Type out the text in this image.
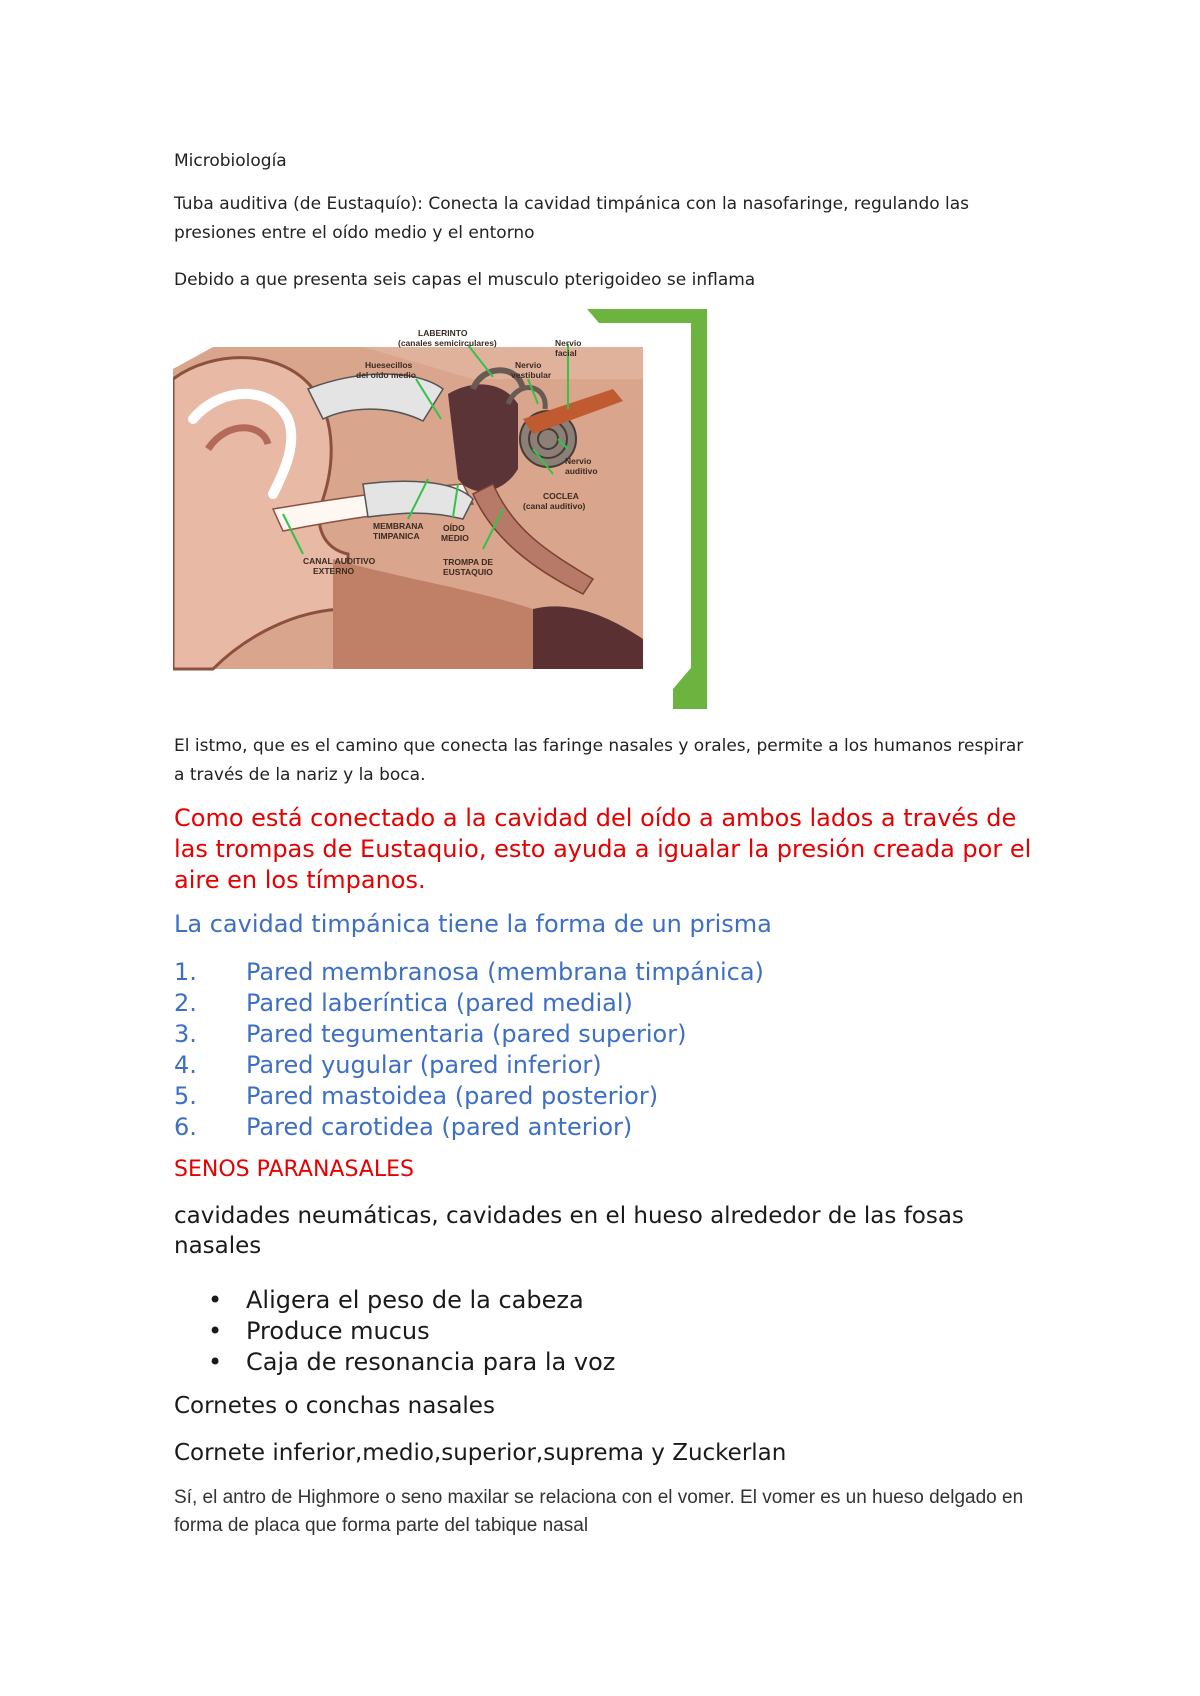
Microbiología

Tuba auditiva (de Eustaquío): Conecta la cavidad timpánica con la nasofaringe, regulando las presiones entre el oído medio y el entorno

Debido a que presenta seis capas el musculo pterigoideo se inflama

LABERINTO
(canales semicirculares)	Nervio
facial
Huesecillos
del oído medio
Nervio
vestibular
Nervio
auditivo
COCLEA
(canal auditivo)
MEMBRANA
TIMPANICA
OÍDO
MEDIO
CANAL AUDITIVO
EXTERNO
TROMPA DE
EUSTAQUIO

El istmo, que es el camino que conecta las faringe nasales y orales, permite a los humanos respirar a través de la nariz y la boca.

Como está conectado a la cavidad del oído a ambos lados a través de las trompas de Eustaquio, esto ayuda a igualar la presión creada por el aire en los tímpanos.

La cavidad timpánica tiene la forma de un prisma

1. Pared membranosa (membrana timpánica)
2. Pared laberíntica (pared medial)
3. Pared tegumentaria (pared superior)
4. Pared yugular (pared inferior)
5. Pared mastoidea (pared posterior)
6. Pared carotidea (pared anterior)

SENOS PARANASALES

cavidades neumáticas, cavidades en el hueso alrededor de las fosas nasales

• Aligera el peso de la cabeza
• Produce mucus
• Caja de resonancia para la voz

Cornetes o conchas nasales

Cornete inferior,medio,superior,suprema y Zuckerlan

Sí, el antro de Highmore o seno maxilar se relaciona con el vomer. El vomer es un hueso delgado en forma de placa que forma parte del tabique nasal
